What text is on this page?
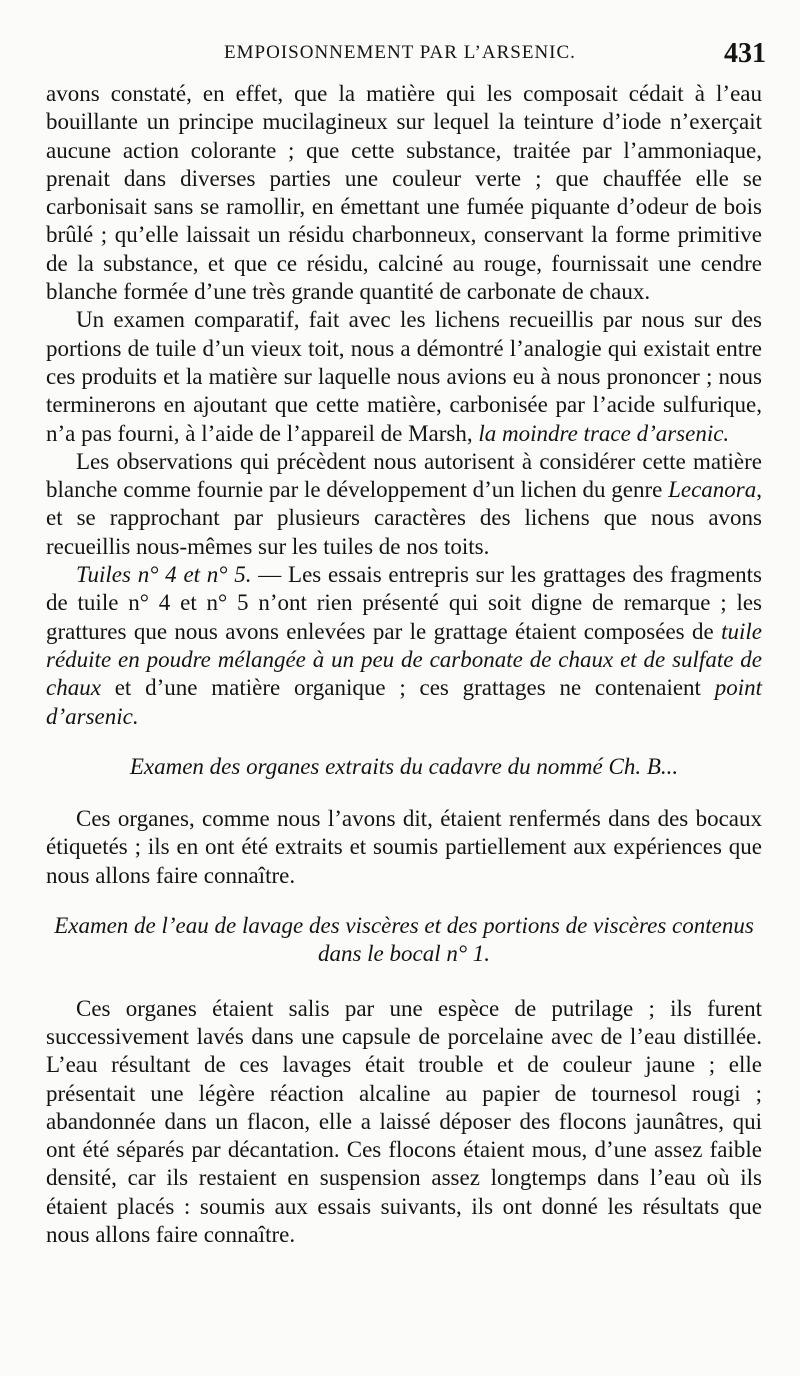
EMPOISONNEMENT PAR L’ARSENIC.	431

avons constaté, en effet, que la matière qui les composait cédait à l’eau bouillante un principe mucilagineux sur lequel la teinture d’iode n’exerçait aucune action colorante ; que cette substance, traitée par l’ammoniaque, prenait dans diverses parties une couleur verte ; que chauffée elle se carbonisait sans se ramollir, en émettant une fumée piquante d’odeur de bois brûlé ; qu’elle laissait un résidu charbonneux, conservant la forme primitive de la substance, et que ce résidu, calciné au rouge, fournissait une cendre blanche formée d’une très grande quantité de carbonate de chaux.

Un examen comparatif, fait avec les lichens recueillis par nous sur des portions de tuile d’un vieux toit, nous a démontré l’analogie qui existait entre ces produits et la matière sur laquelle nous avions eu à nous prononcer ; nous terminerons en ajoutant que cette matière, carbonisée par l’acide sulfurique, n’a pas fourni, à l’aide de l’appareil de Marsh, la moindre trace d’arsenic.

Les observations qui précèdent nous autorisent à considérer cette matière blanche comme fournie par le développement d’un lichen du genre Lecanora, et se rapprochant par plusieurs caractères des lichens que nous avons recueillis nous-mêmes sur les tuiles de nos toits.

Tuiles n° 4 et n° 5. — Les essais entrepris sur les grattages des fragments de tuile n° 4 et n° 5 n’ont rien présenté qui soit digne de remarque ; les grattures que nous avons enlevées par le grattage étaient composées de tuile réduite en poudre mélangée à un peu de carbonate de chaux et de sulfate de chaux et d’une matière organique ; ces grattages ne contenaient point d’arsenic.

Examen des organes extraits du cadavre du nommé Ch. B...

Ces organes, comme nous l’avons dit, étaient renfermés dans des bocaux étiquetés ; ils en ont été extraits et soumis partiellement aux expériences que nous allons faire connaître.

Examen de l’eau de lavage des viscères et des portions de viscères contenus dans le bocal n° 1.

Ces organes étaient salis par une espèce de putrilage ; ils furent successivement lavés dans une capsule de porcelaine avec de l’eau distillée. L’eau résultant de ces lavages était trouble et de couleur jaune ; elle présentait une légère réaction alcaline au papier de tournesol rougi ; abandonnée dans un flacon, elle a laissé déposer des flocons jaunâtres, qui ont été séparés par décantation. Ces flocons étaient mous, d’une assez faible densité, car ils restaient en suspension assez longtemps dans l’eau où ils étaient placés : soumis aux essais suivants, ils ont donné les résultats que nous allons faire connaître.
